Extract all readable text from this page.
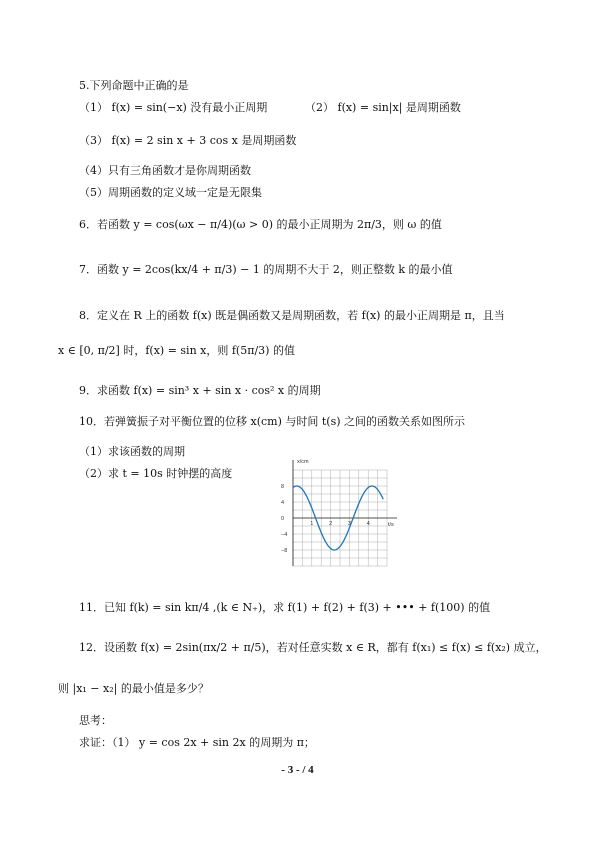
5.下列命题中正确的是
（1） f(x) = sin(−x) 没有最小正周期	（2） f(x) = sin|x| 是周期函数
（3） f(x) = 2 sin x + 3 cos x 是周期函数
（4）只有三角函数才是你周期函数
（5）周期函数的定义域一定是无限集
6．若函数 y = cos(ωx − π/4)(ω > 0) 的最小正周期为 2π/3，则 ω 的值
7．函数 y = 2cos(kx/4 + π/3) − 1 的周期不大于 2，则正整数 k 的最小值
8．定义在 R 上的函数 f(x) 既是偶函数又是周期函数，若 f(x) 的最小正周期是 π，且当
x ∈ [0, π/2] 时，f(x) = sin x，则 f(5π/3) 的值
9．求函数 f(x) = sin³ x + sin x · cos² x 的周期
10．若弹簧振子对平衡位置的位移 x(cm) 与时间 t(s) 之间的函数关系如图所示
（1）求该函数的周期
（2）求 t = 10s 时钟摆的高度
x/cm
t/s
8
4
0
−4
−8
1	2	3	4
11．已知 f(k) = sin kπ/4 ,(k ∈ N₊)，求 f(1) + f(2) + f(3) + ••• + f(100) 的值
12．设函数 f(x) = 2sin(πx/2 + π/5)，若对任意实数 x ∈ R，都有 f(x₁) ≤ f(x) ≤ f(x₂) 成立，
则 |x₁ − x₂| 的最小值是多少？
思考：
求证：（1） y = cos 2x + sin 2x 的周期为 π；
- 3 - / 4
